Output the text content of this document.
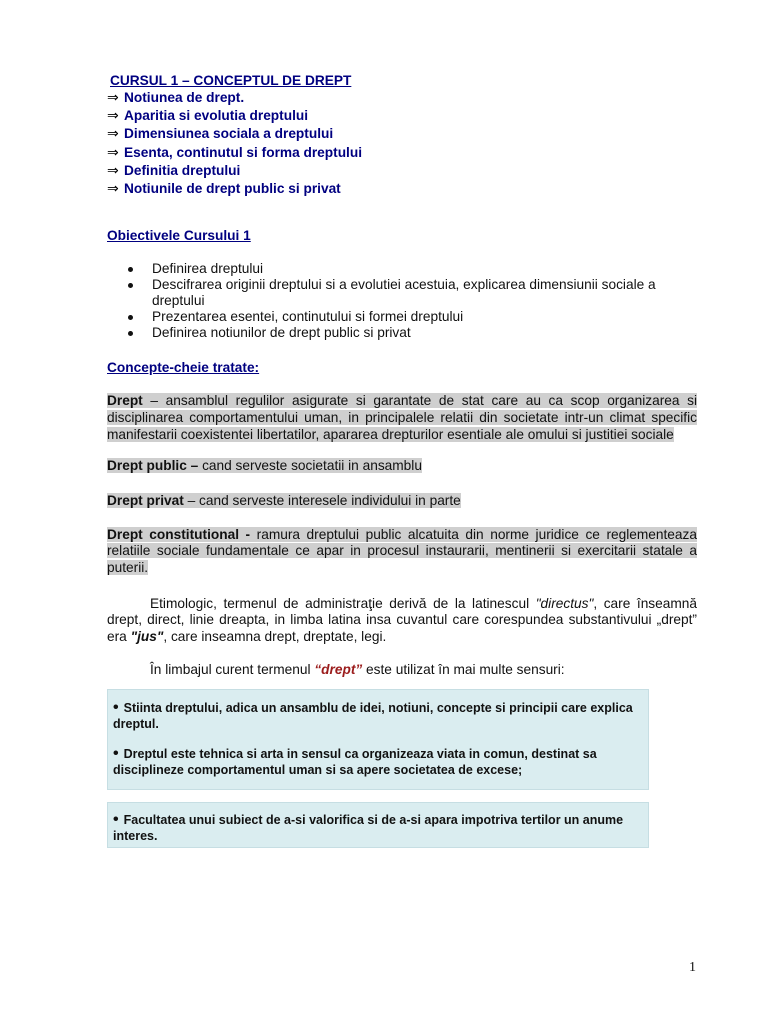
CURSUL 1 – CONCEPTUL DE DREPT
⇒ Notiunea de drept.
⇒ Aparitia si evolutia dreptului
⇒ Dimensiunea sociala a dreptului
⇒ Esenta, continutul si forma dreptului
⇒ Definitia dreptului
⇒ Notiunile de drept public si privat
Obiectivele Cursului 1
Definirea dreptului
Descifrarea originii dreptului si a evolutiei acestuia, explicarea dimensiunii sociale a dreptului
Prezentarea esentei, continutului si formei dreptului
Definirea notiunilor de drept public si privat
Concepte-cheie tratate:
Drept – ansamblul regulilor asigurate si garantate de stat care au ca scop organizarea si disciplinarea comportamentului uman, in principalele relatii din societate intr-un climat specific manifestarii coexistentei libertatilor, apararea drepturilor esentiale ale omului si justitiei sociale
Drept public – cand serveste societatii in ansamblu
Drept privat – cand serveste interesele individului in parte
Drept constitutional - ramura dreptului public alcatuita din norme juridice ce reglementeaza relatiile sociale fundamentale ce apar in procesul instaurarii, mentinerii si exercitarii statale a puterii.
Etimologic, termenul de administraţie derivă de la latinescul "directus", care înseamnă drept, direct, linie dreapta, in limba latina insa cuvantul care corespundea substantivului „drept” era "jus", care inseamna drept, dreptate, legi.
În limbajul curent termenul “drept” este utilizat în mai multe sensuri:

• Stiinta dreptului, adica un ansamblu de idei, notiuni, concepte si principii care explica dreptul.

• Dreptul este tehnica si arta in sensul ca organizeaza viata in comun, destinat sa disciplineze comportamentul uman si sa apere societatea de excese;

• Facultatea unui subiect de a-si valorifica si de a-si apara impotriva tertilor un anume interes.

1
